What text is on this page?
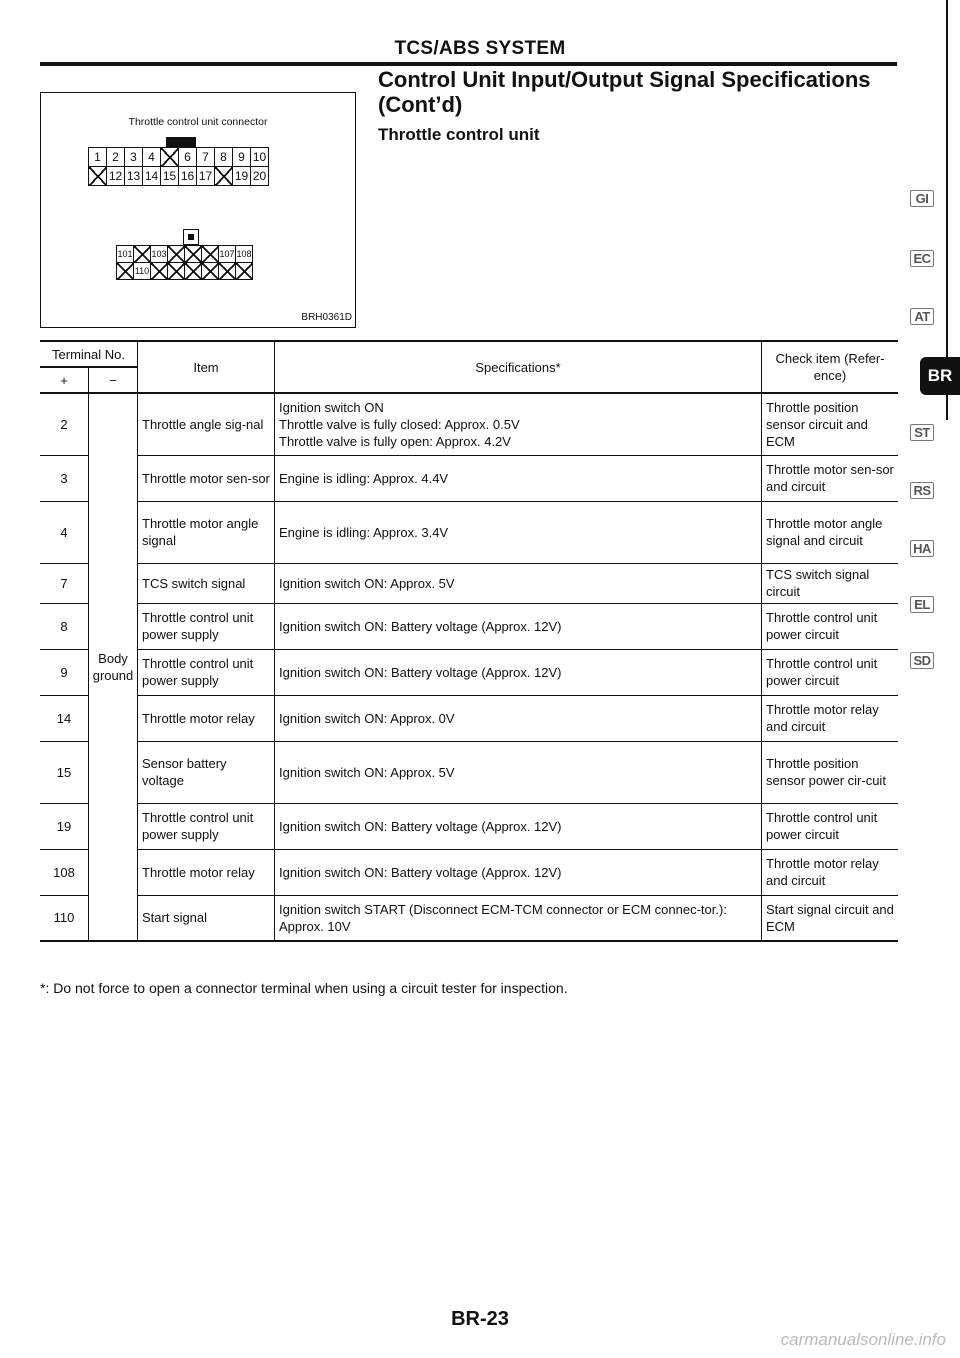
TCS/ABS SYSTEM
Control Unit Input/Output Signal Specifications (Cont’d)
Throttle control unit
Throttle control unit connector
1	2	3	4		6	7	8	9	10
	12	13	14	15	16	17		19	20
101		103				107	108
	110						
BRH0361D
GI
EC
AT
BR
ST
RS
HA
EL
SD
Terminal No.		Item	Specifications*	Check item (Refer-ence)
+	−			
2	Body ground	Throttle angle sig-nal	Ignition switch ON
Throttle valve is fully closed: Approx. 0.5V
Throttle valve is fully open: Approx. 4.2V	Throttle position sensor circuit and ECM
3		Throttle motor sen-sor	Engine is idling: Approx. 4.4V	Throttle motor sen-sor and circuit
4		Throttle motor angle signal	Engine is idling: Approx. 3.4V	Throttle motor angle signal and circuit
7		TCS switch signal	Ignition switch ON: Approx. 5V	TCS switch signal circuit
8		Throttle control unit power supply	Ignition switch ON: Battery voltage (Approx. 12V)	Throttle control unit power circuit
9		Throttle control unit power supply	Ignition switch ON: Battery voltage (Approx. 12V)	Throttle control unit power circuit
14		Throttle motor relay	Ignition switch ON: Approx. 0V	Throttle motor relay and circuit
15		Sensor battery voltage	Ignition switch ON: Approx. 5V	Throttle position sensor power cir-cuit
19		Throttle control unit power supply	Ignition switch ON: Battery voltage (Approx. 12V)	Throttle control unit power circuit
108		Throttle motor relay	Ignition switch ON: Battery voltage (Approx. 12V)	Throttle motor relay and circuit
110		Start signal	Ignition switch START (Disconnect ECM-TCM connector or ECM connec-tor.): Approx. 10V	Start signal circuit and ECM
*: Do not force to open a connector terminal when using a circuit tester for inspection.
BR-23
carmanualsonline.info
